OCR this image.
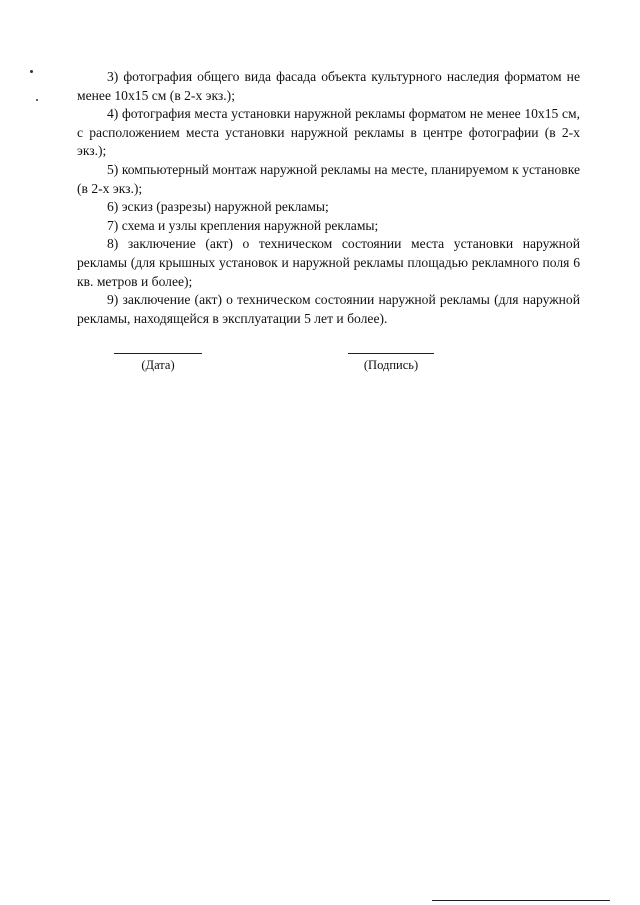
3) фотография общего вида фасада объекта культурного наследия форматом не менее 10х15 см (в 2-х экз.);

4) фотография места установки наружной рекламы форматом не менее 10х15 см, с расположением места установки наружной рекламы в центре фотографии (в 2-х экз.);

5) компьютерный монтаж наружной рекламы на месте, планируемом к установке (в 2-х экз.);

6) эскиз (разрезы) наружной рекламы;

7) схема и узлы крепления наружной рекламы;

8) заключение (акт) о техническом состоянии места установки наружной рекламы (для крышных установок и наружной рекламы площадью рекламного поля 6 кв. метров и более);

9) заключение (акт) о техническом состоянии наружной рекламы (для наружной рекламы, находящейся в эксплуатации 5 лет и более).

(Дата)	(Подпись)
